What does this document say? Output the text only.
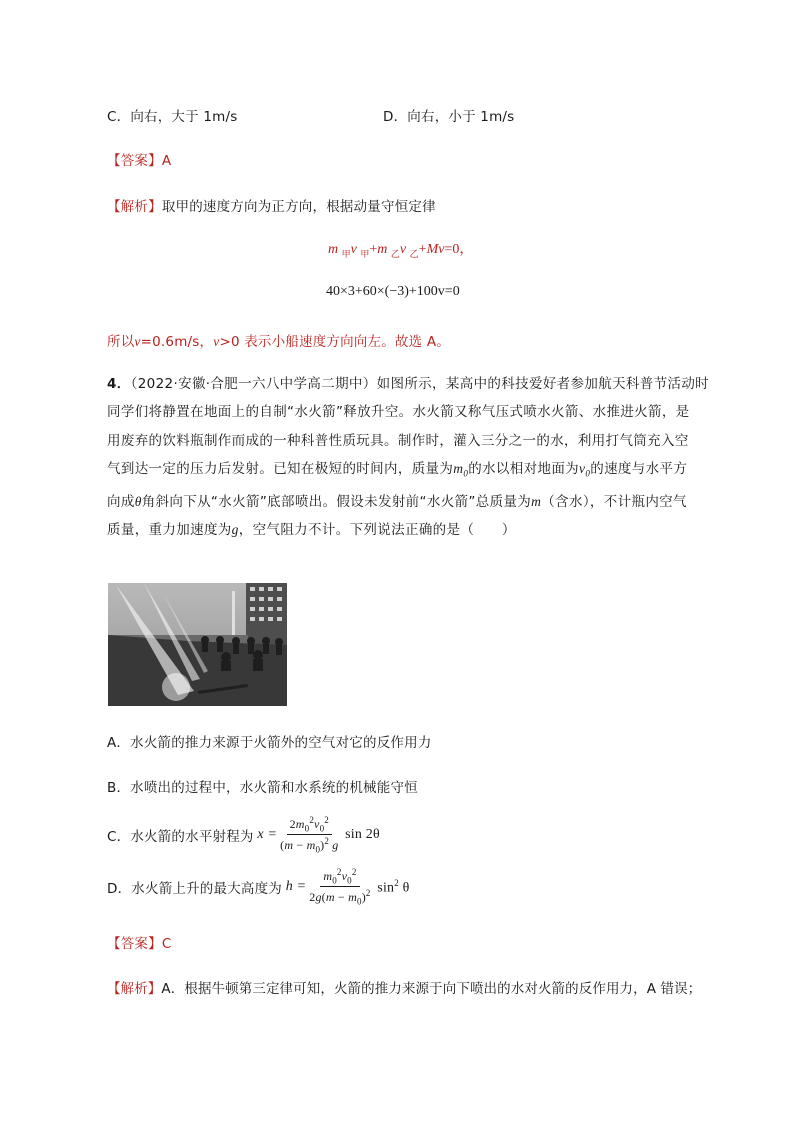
C．向右，大于 1m/s	D．向右，小于 1m/s
【答案】A
【解析】取甲的速度方向为正方向，根据动量守恒定律
m $_甲$v $_甲$+m $_乙$v $_乙$+Mv=0，
40×3+60×(−3)+100v=0
所以v=0.6m/s，v>0 表示小船速度方向向左。故选 A。
4．（2022·安徽·合肥一六八中学高二期中）如图所示，某高中的科技爱好者参加航天科普节活动时
同学们将静置在地面上的自制“水火箭”释放升空。水火箭又称气压式喷水火箭、水推进火箭，是
用废弃的饮料瓶制作而成的一种科普性质玩具。制作时，灌入三分之一的水，利用打气筒充入空
气到达一定的压力后发射。已知在极短的时间内，质量为$m_0$的水以相对地面为$v_0$的速度与水平方
向成θ角斜向下从“水火箭”底部喷出。假设未发射前“水火箭”总质量为m（含水），不计瓶内空气
质量，重力加速度为g，空气阻力不计。下列说法正确的是（　　）
A．水火箭的推力来源于火箭外的空气对它的反作用力
B．水喷出的过程中，水火箭和水系统的机械能守恒
C．水火箭的水平射程为 $x = \frac{2m_0^2v_0^2}{(m - m_0)^2 g}$ sin 2θ
D．水火箭上升的最大高度为 $h = \frac{m_0^2v_0^2}{2g(m - m_0)^2} \sin^2 \theta$
【答案】C
【解析】A．根据牛顿第三定律可知，火箭的推力来源于向下喷出的水对火箭的反作用力，A 错误；
